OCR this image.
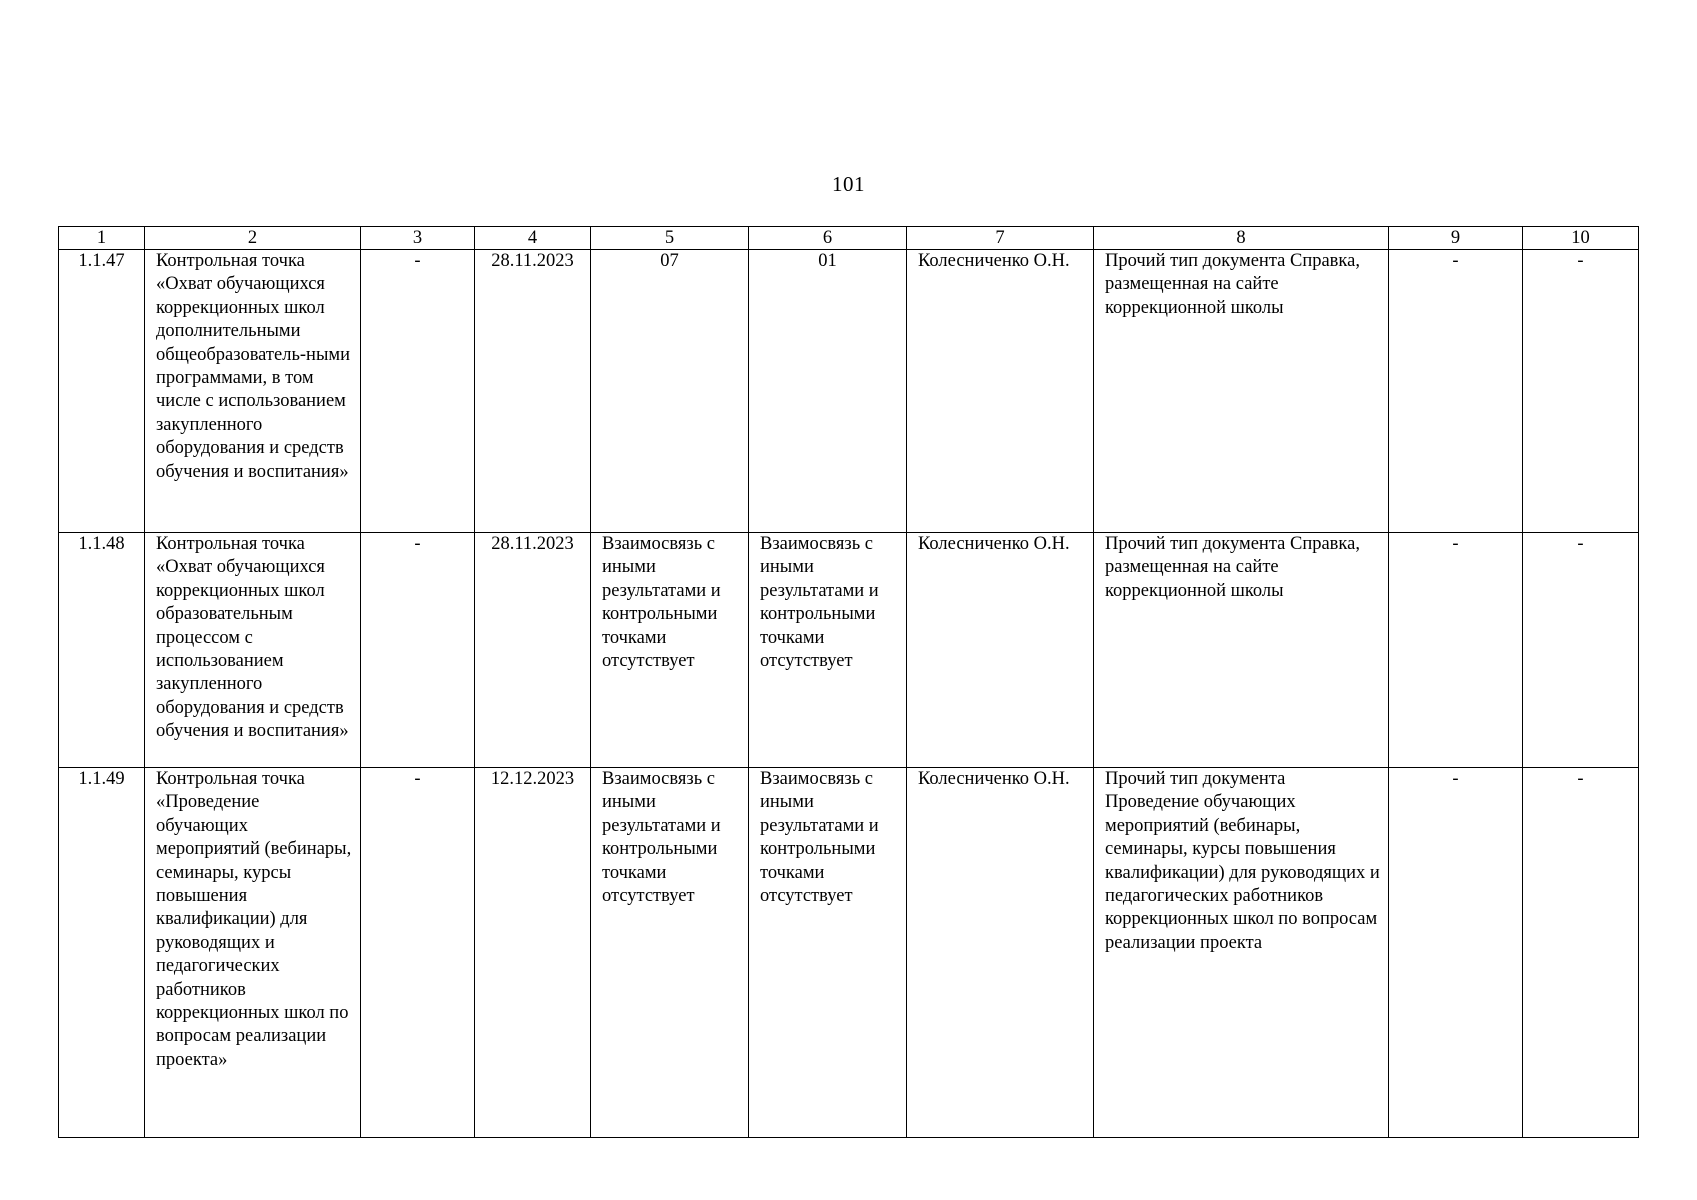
101
1	2	3	4	5	6	7	8	9	10
1.1.47	Контрольная точка «Охват обучающихся коррекционных школ дополнительными общеобразователь-ными программами, в том числе с использованием закупленного оборудования и средств обучения и воспитания»	-	28.11.2023	07	01	Колесниченко О.Н.	Прочий тип документа Справка, размещенная на сайте коррекционной школы	-	-
1.1.48	Контрольная точка «Охват обучающихся коррекционных школ образовательным процессом с использованием закупленного оборудования и средств обучения и воспитания»	-	28.11.2023	Взаимосвязь с иными результатами и контрольными точками отсутствует	Взаимосвязь с иными результатами и контрольными точками отсутствует	Колесниченко О.Н.	Прочий тип документа Справка, размещенная на сайте коррекционной школы	-	-
1.1.49	Контрольная точка «Проведение обучающих мероприятий (вебинары, семинары, курсы повышения квалификации) для руководящих и педагогических работников коррекционных школ по вопросам реализации проекта»	-	12.12.2023	Взаимосвязь с иными результатами и контрольными точками отсутствует	Взаимосвязь с иными результатами и контрольными точками отсутствует	Колесниченко О.Н.	Прочий тип документа Проведение обучающих мероприятий (вебинары, семинары, курсы повышения квалификации) для руководящих и педагогических работников коррекционных школ по вопросам реализации проекта	-	-
